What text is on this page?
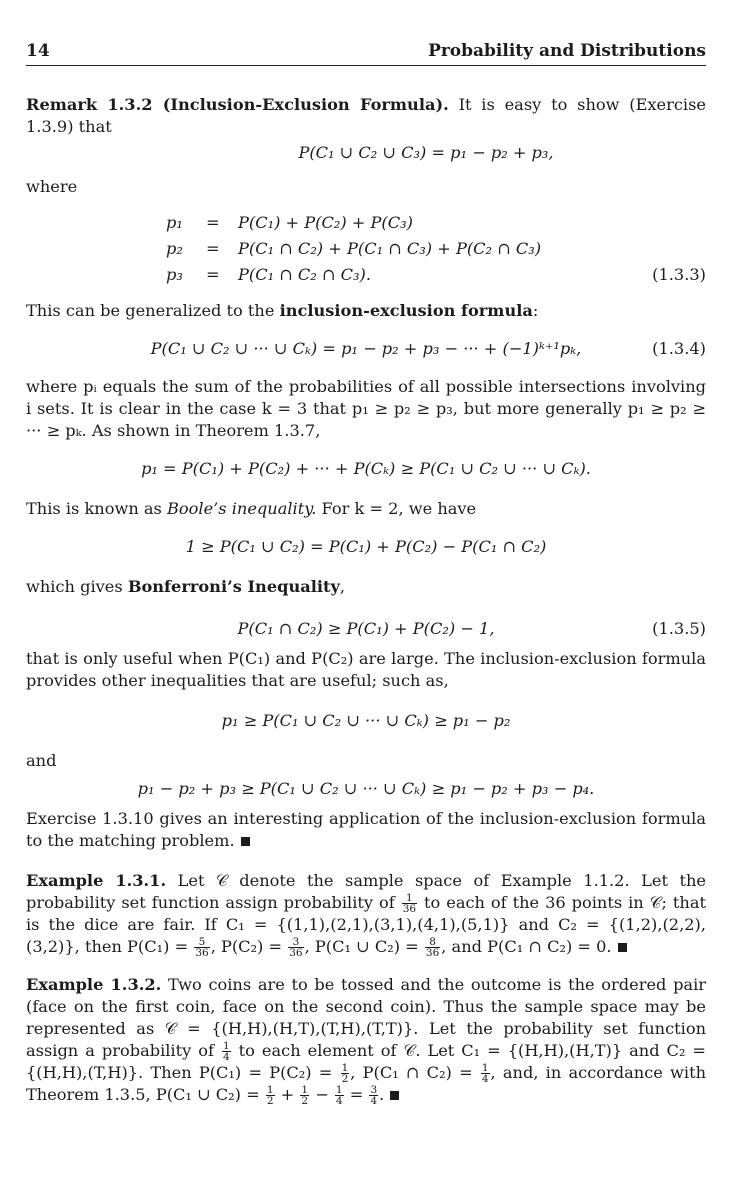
14	Probability and Distributions

Remark 1.3.2 (Inclusion-Exclusion Formula). It is easy to show (Exercise 1.3.9) that

P(C₁ ∪ C₂ ∪ C₃) = p₁ − p₂ + p₃,

where

p₁	=	P(C₁) + P(C₂) + P(C₃)
p₂	=	P(C₁ ∩ C₂) + P(C₁ ∩ C₃) + P(C₂ ∩ C₃)
p₃	=	P(C₁ ∩ C₂ ∩ C₃).	(1.3.3)

This can be generalized to the inclusion-exclusion formula:

P(C₁ ∪ C₂ ∪ ··· ∪ Cₖ) = p₁ − p₂ + p₃ − ··· + (−1)ᵏ⁺¹pₖ,	(1.3.4)

where pᵢ equals the sum of the probabilities of all possible intersections involving i sets. It is clear in the case k = 3 that p₁ ≥ p₂ ≥ p₃, but more generally p₁ ≥ p₂ ≥ ··· ≥ pₖ. As shown in Theorem 1.3.7,

p₁ = P(C₁) + P(C₂) + ··· + P(Cₖ) ≥ P(C₁ ∪ C₂ ∪ ··· ∪ Cₖ).

This is known as Boole’s inequality. For k = 2, we have

1 ≥ P(C₁ ∪ C₂) = P(C₁) + P(C₂) − P(C₁ ∩ C₂)

which gives Bonferroni’s Inequality,

P(C₁ ∩ C₂) ≥ P(C₁) + P(C₂) − 1,	(1.3.5)

that is only useful when P(C₁) and P(C₂) are large. The inclusion-exclusion formula provides other inequalities that are useful; such as,

p₁ ≥ P(C₁ ∪ C₂ ∪ ··· ∪ Cₖ) ≥ p₁ − p₂

and

p₁ − p₂ + p₃ ≥ P(C₁ ∪ C₂ ∪ ··· ∪ Cₖ) ≥ p₁ − p₂ + p₃ − p₄.

Exercise 1.3.10 gives an interesting application of the inclusion-exclusion formula to the matching problem.

Example 1.3.1. Let 𝒞 denote the sample space of Example 1.1.2. Let the probability set function assign probability of $\frac{1}{36}$ to each of the 36 points in 𝒞; that is the dice are fair. If C₁ = {(1,1),(2,1),(3,1),(4,1),(5,1)} and C₂ = {(1,2),(2,2),(3,2)}, then $P(C_1) = \frac{5}{36}$ , $P(C_2) = \frac{3}{36}$ , P(C₁ ∪ $C_2) = \frac{8}{36}$ , and P(C₁ ∩ C₂) = 0.

Example 1.3.2. Two coins are to be tossed and the outcome is the ordered pair (face on the first coin, face on the second coin). Thus the sample space may be represented as 𝒞 = {(H,H),(H,T),(T,H),(T,T)}. Let the probability set function assign a probability of $\frac{1}{4}$ to each element of 𝒞. Let C₁ = {(H,H),(H,T)} and C₂ = {(H,H),(T,H)}. Then $P(C_1) = P(C_2) = \frac{1}{2}$ , P(C₁ ∩ $C_2) = \frac{1}{4}$ , and, in accordance with Theorem 1.3.5, P(C₁ ∪ $C_2) = \frac{1}{2} + \frac{1}{2} - \frac{1}{4} = \frac{3}{4}$ .
